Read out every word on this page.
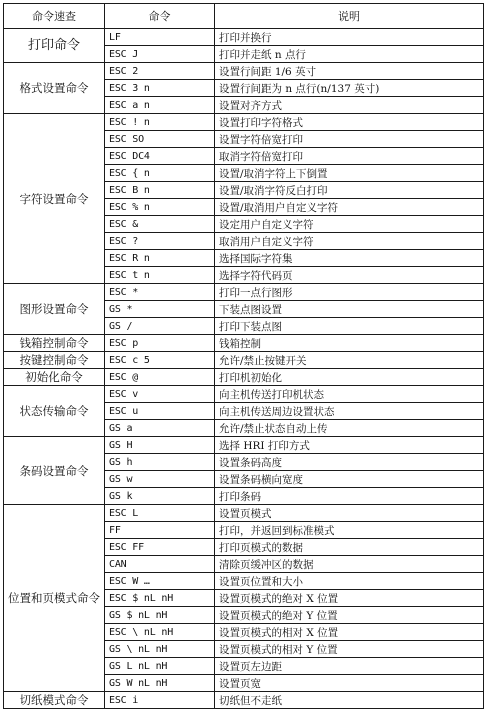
命令速查	命令	说明
打印命令	LF	打印并换行
	ESC J	打印并走纸 n 点行
格式设置命令	ESC 2	设置行间距 1/6 英寸
	ESC 3 n	设置行间距为 n 点行(n/137 英寸)
	ESC a n	设置对齐方式
字符设置命令	ESC ! n	设置打印字符格式
	ESC SO	设置字符倍宽打印
	ESC DC4	取消字符倍宽打印
	ESC { n	设置/取消字符上下倒置
	ESC B n	设置/取消字符反白打印
	ESC % n	设置/取消用户自定义字符
	ESC &	设定用户自定义字符
	ESC ?	取消用户自定义字符
	ESC R n	选择国际字符集
	ESC t n	选择字符代码页
图形设置命令	ESC *	打印一点行图形
	GS *	下装点图设置
	GS /	打印下装点图
钱箱控制命令	ESC p	钱箱控制
按键控制命令	ESC c 5	允许/禁止按键开关
初始化命令	ESC @	打印机初始化
状态传输命令	ESC v	向主机传送打印机状态
	ESC u	向主机传送周边设置状态
	GS a	允许/禁止状态自动上传
条码设置命令	GS H	选择 HRI 打印方式
	GS h	设置条码高度
	GS w	设置条码横向宽度
	GS k	打印条码
位置和页模式命令	ESC L	设置页模式
	FF	打印，并返回到标准模式
	ESC FF	打印页模式的数据
	CAN	清除页缓冲区的数据
	ESC W …	设置页位置和大小
	ESC $ nL nH	设置页模式的绝对 X 位置
	GS $ nL nH	设置页模式的绝对 Y 位置
	ESC \ nL nH	设置页模式的相对 X 位置
	GS \ nL nH	设置页模式的相对 Y 位置
	GS L nL nH	设置页左边距
	GS W nL nH	设置页宽
切纸模式命令	ESC i	切纸但不走纸
